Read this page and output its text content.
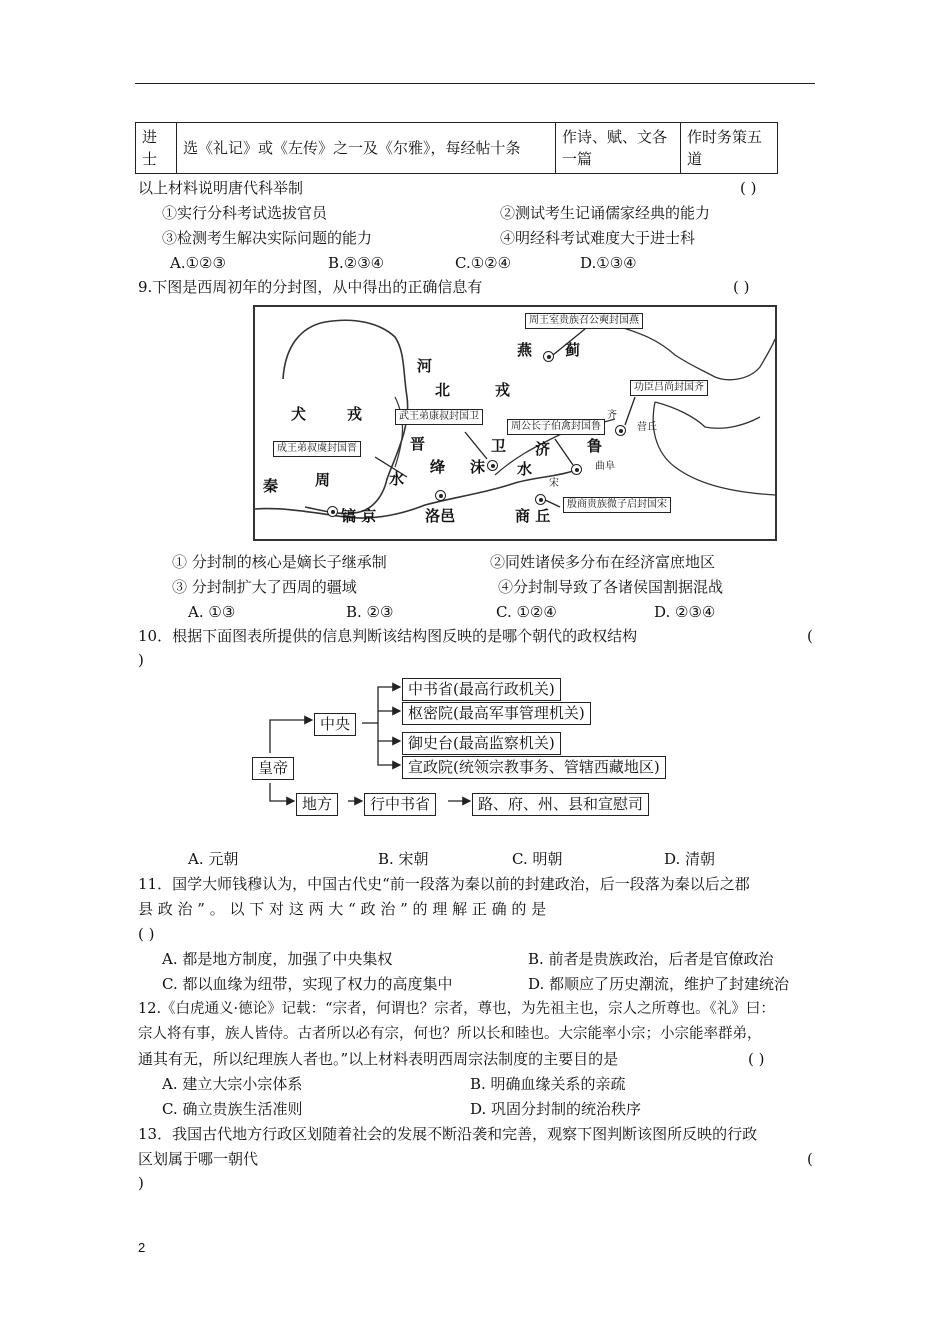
进士	选《礼记》或《左传》之一及《尔雅》，每经帖十条	作诗、赋、文各一篇	作时务策五道
以上材料说明唐代科举制	( )
①实行分科考试选拔官员	②测试考生记诵儒家经典的能力
③检测考生解决实际问题的能力	④明经科考试难度大于进士科
A.①②③	B.②③④	C.①②④	D.①③④
9.下图是西周初年的分封图，从中得出的正确信息有	( )
河
北	戎
犬	戎
燕 蓟
晋
绛 沫
卫
水
水
济 鲁
秦 周
镐 京	洛邑	商 丘
宋
齐
营丘
曲阜
周王室贵族召公奭封国燕
功臣吕尚封国齐
武王弟康叔封国卫
周公长子伯禽封国鲁
成王弟叔虞封国晋
殷商贵族微子启封国宋
① 分封制的核心是嫡长子继承制	②同姓诸侯多分布在经济富庶地区
③ 分封制扩大了西周的疆域	④分封制导致了各诸侯国割据混战
A. ①③	B. ②③	C. ①②④	D. ②③④
10．根据下面图表所提供的信息判断该结构图反映的是哪个朝代的政权结构	(
)
皇帝
中央
地方
中书省(最高行政机关)
枢密院(最高军事管理机关)
御史台(最高监察机关)
宣政院(统领宗教事务、管辖西藏地区)
行中书省	路、府、州、县和宣慰司
A. 元朝	B. 宋朝	C. 明朝	D. 清朝
11．国学大师钱穆认为，中国古代史“前一段落为秦以前的封建政治，后一段落为秦以后之郡
县 政 治 ” 。 以 下 对 这 两 大 “ 政 治 ” 的 理 解 正 确 的 是
( )
A. 都是地方制度，加强了中央集权	B. 前者是贵族政治，后者是官僚政治
C. 都以血缘为纽带，实现了权力的高度集中	D. 都顺应了历史潮流，维护了封建统治
12.《白虎通义·德论》记载：“宗者，何谓也？宗者，尊也，为先祖主也，宗人之所尊也。《礼》曰：
宗人将有事，族人皆侍。古者所以必有宗，何也？所以长和睦也。大宗能率小宗；小宗能率群弟，
通其有无，所以纪理族人者也。”以上材料表明西周宗法制度的主要目的是	( )
A. 建立大宗小宗体系	B. 明确血缘关系的亲疏
C. 确立贵族生活准则	D. 巩固分封制的统治秩序
13．我国古代地方行政区划随着社会的发展不断沿袭和完善，观察下图判断该图所反映的行政
区划属于哪一朝代	(
)
2
